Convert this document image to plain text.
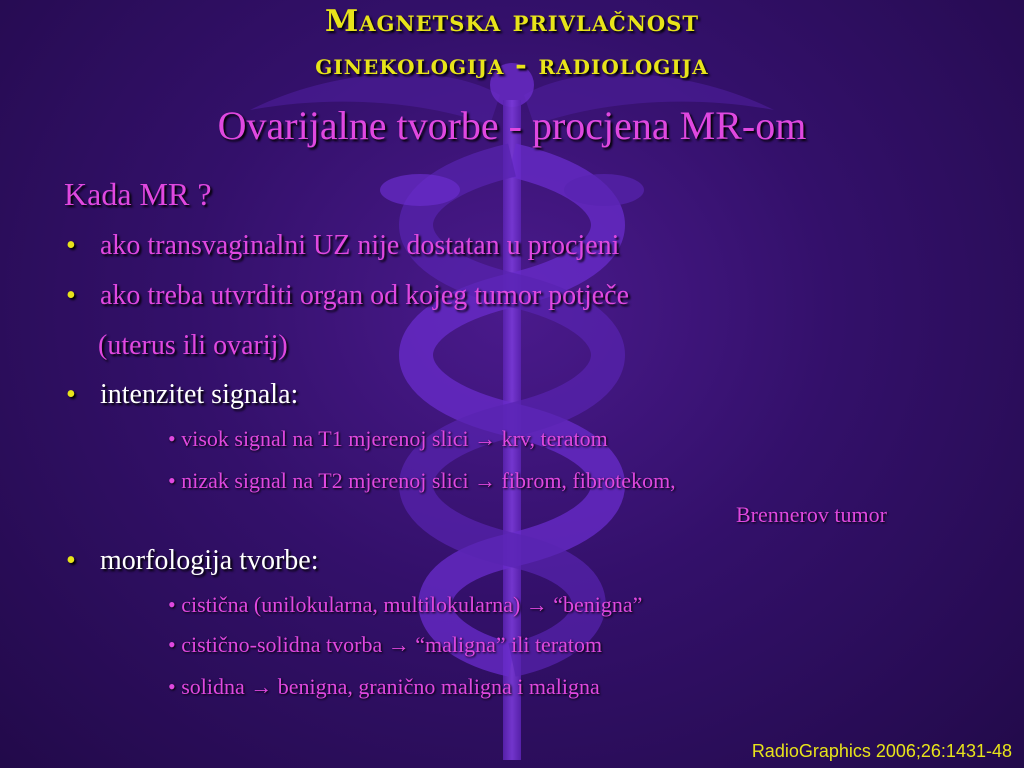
Magnetska privlačnost
ginekologija - radiologija
Ovarijalne tvorbe - procjena MR-om
Kada MR ?
• ako transvaginalni UZ nije dostatan u procjeni
• ako treba utvrditi organ od kojeg tumor potječe
(uterus ili ovarij)
• intenzitet signala:
• visok signal na T1 mjerenoj slici → krv, teratom
• nizak signal na T2 mjerenoj slici → fibrom, fibrotekom,
Brennerov tumor
• morfologija tvorbe:
• cistična (unilokularna, multilokularna) → “benigna”
• cistično-solidna tvorba → “maligna” ili teratom
• solidna → benigna, granično maligna i maligna
RadioGraphics 2006;26:1431-48
